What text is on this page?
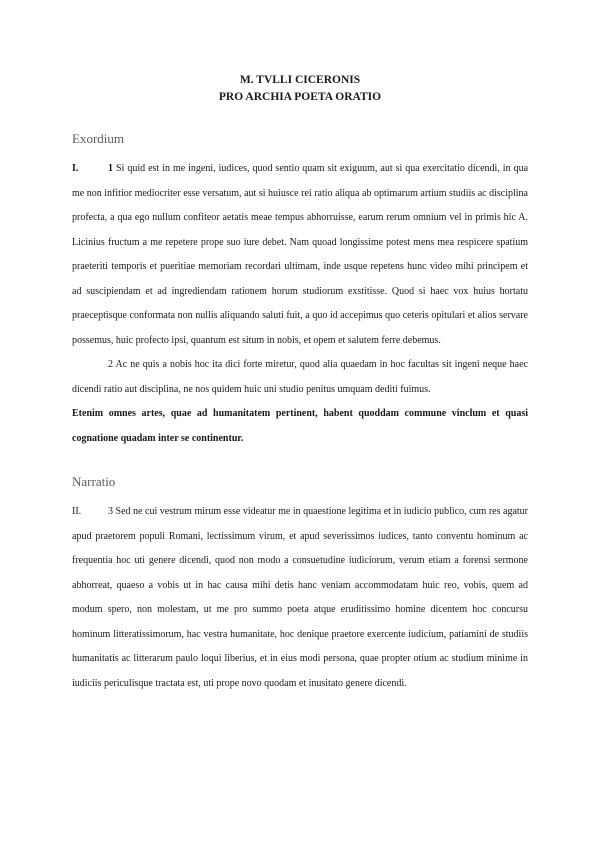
M. TVLLI CICERONIS

PRO ARCHIA POETA ORATIO

Exordium

I.	1 Si quid est in me ingeni, iudices, quod sentio quam sit exiguum, aut si qua exercitatio dicendi, in qua me non infitior mediocriter esse versatum, aut si huiusce rei ratio aliqua ab optimarum artium studiis ac disciplina profecta, a qua ego nullum confiteor aetatis meae tempus abhorruisse, earum rerum omnium vel in primis hic A. Licinius fructum a me repetere prope suo iure debet. Nam quoad longissime potest mens mea respicere spatium praeteriti temporis et pueritiae memoriam recordari ultimam, inde usque repetens hunc video mihi principem et ad suscipiendam et ad ingrediendam rationem horum studiorum exstitisse. Quod si haec vox huius hortatu praeceptisque conformata non nullis aliquando saluti fuit, a quo id accepimus quo ceteris opitulari et alios servare possemus, huic profecto ipsi, quantum est situm in nobis, et opem et salutem ferre debemus.

2 Ac ne quis a nobis hoc ita dici forte miretur, quod alia quaedam in hoc facultas sit ingeni neque haec dicendi ratio aut disciplina, ne nos quidem huic uni studio penitus umquam dediti fuimus.

Etenim omnes artes, quae ad humanitatem pertinent, habent quoddam commune vinclum et quasi cognatione quadam inter se continentur.

Narratio

II.	3 Sed ne cui vestrum mirum esse videatur me in quaestione legitima et in iudicio publico, cum res agatur apud praetorem populi Romani, lectissimum virum, et apud severissimos iudices, tanto conventu hominum ac frequentia hoc uti genere dicendi, quod non modo a consuetudine iudiciorum, verum etiam a forensi sermone abhorreat, quaeso a vobis ut in hac causa mihi detis hanc veniam accommodatam huic reo, vobis, quem ad modum spero, non molestam, ut me pro summo poeta atque eruditissimo homine dicentem hoc concursu hominum litteratissimorum, hac vestra humanitate, hoc denique praetore exercente iudicium, patiamini de studiis humanitatis ac litterarum paulo loqui liberius, et in eius modi persona, quae propter otium ac studium minime in iudiciis periculisque tractata est, uti prope novo quodam et inusitato genere dicendi.
